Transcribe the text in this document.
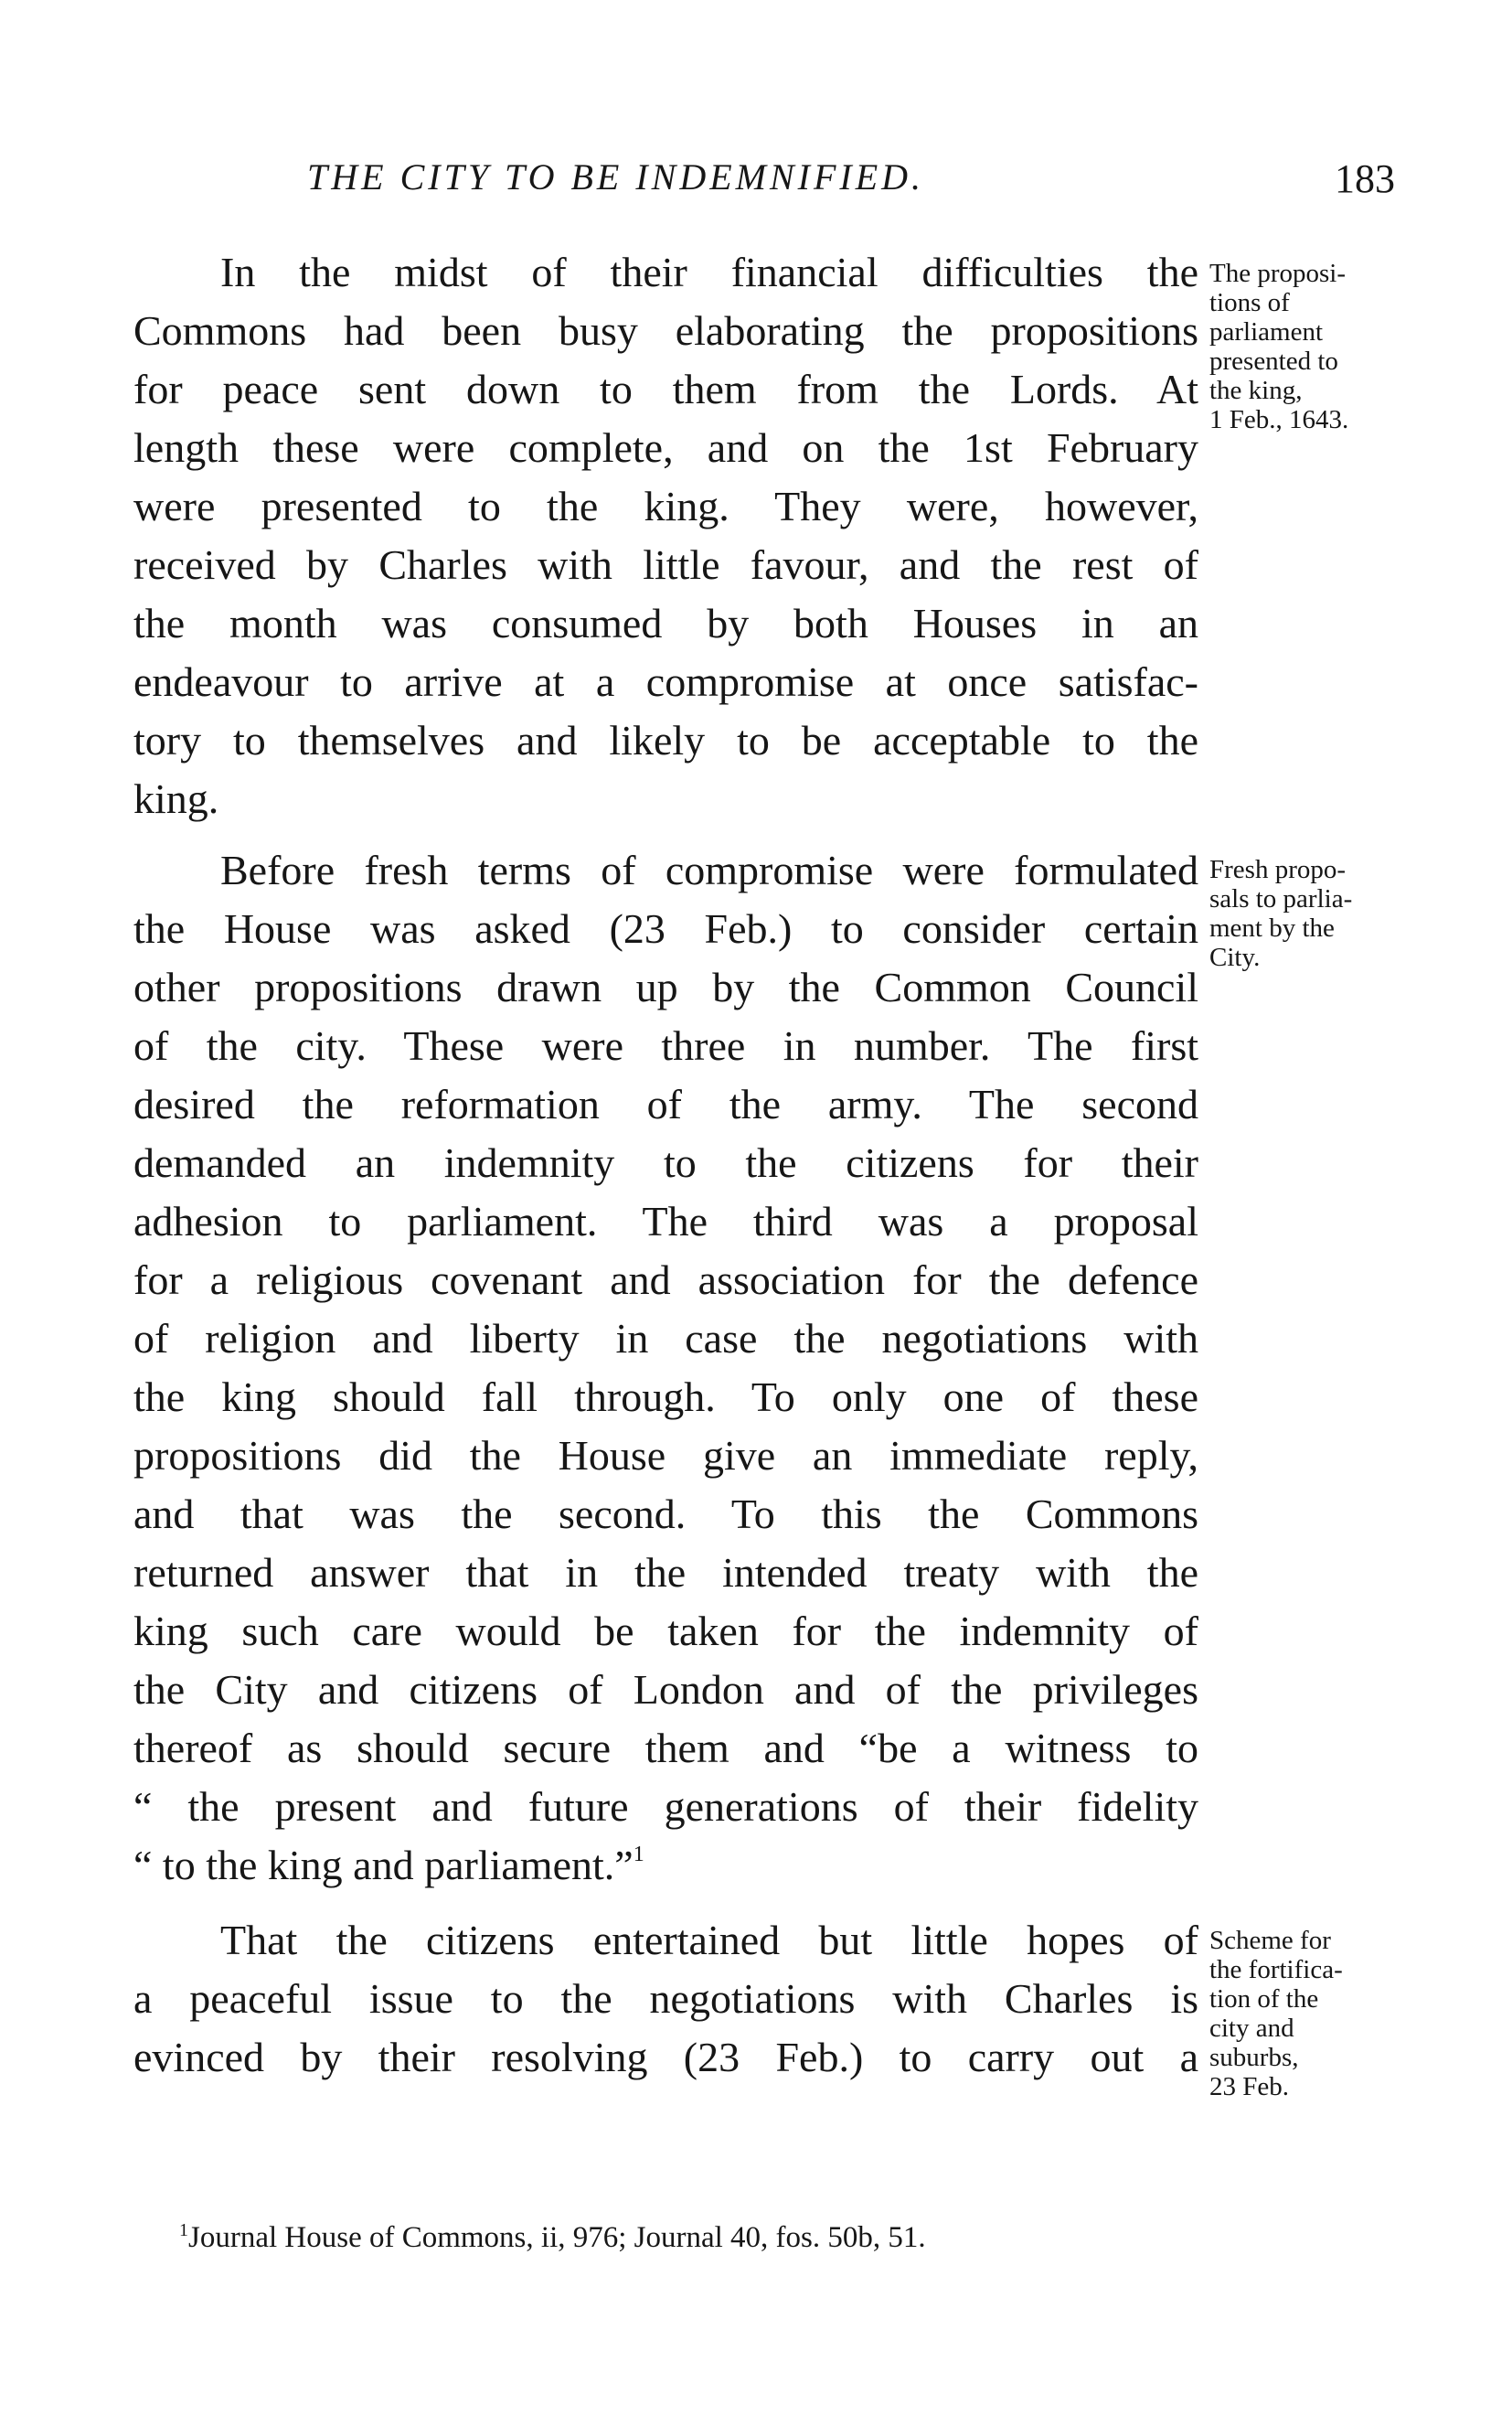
THE CITY TO BE INDEMNIFIED.	183
In the midst of their financial difficulties the
Commons had been busy elaborating the propositions
for peace sent down to them from the Lords. At
length these were complete, and on the 1st February
were presented to the king. They were, however,
received by Charles with little favour, and the rest of
the month was consumed by both Houses in an
endeavour to arrive at a compromise at once satisfac-
tory to themselves and likely to be acceptable to the
king.
Before fresh terms of compromise were formulated
the House was asked (23 Feb.) to consider certain
other propositions drawn up by the Common Council
of the city. These were three in number. The first
desired the reformation of the army. The second
demanded an indemnity to the citizens for their
adhesion to parliament. The third was a proposal
for a religious covenant and association for the defence
of religion and liberty in case the negotiations with
the king should fall through. To only one of these
propositions did the House give an immediate reply,
and that was the second. To this the Commons
returned answer that in the intended treaty with the
king such care would be taken for the indemnity of
the City and citizens of London and of the privileges
thereof as should secure them and “be a witness to
“ the present and future generations of their fidelity
“ to the king and parliament.”$^1$
That the citizens entertained but little hopes of
a peaceful issue to the negotiations with Charles is
evinced by their resolving (23 Feb.) to carry out a
The proposi-
tions of
parliament
presented to
the king,
1 Feb., 1643.
Fresh propo-
sals to parlia-
ment by the
City.
Scheme for
the fortifica-
tion of the
city and
suburbs,
23 Feb.
$^1$Journal House of Commons, ii, 976; Journal 40, fos. 50b, 51.
